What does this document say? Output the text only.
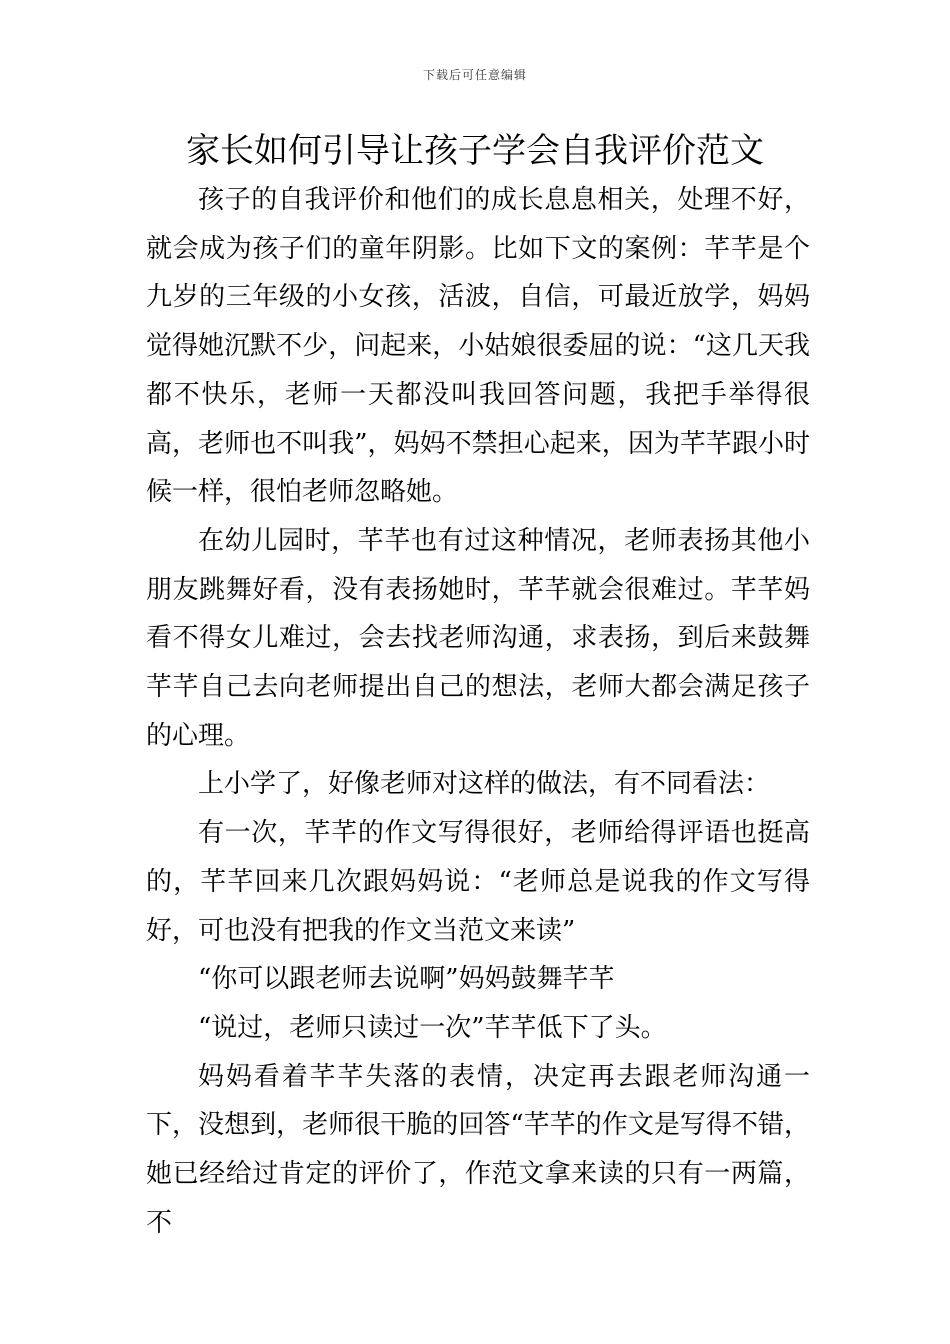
下载后可任意编辑
家长如何引导让孩子学会自我评价范文

孩子的自我评价和他们的成长息息相关，处理不好，就会成为孩子们的童年阴影。比如下文的案例：芊芊是个九岁的三年级的小女孩，活波，自信，可最近放学，妈妈觉得她沉默不少，问起来，小姑娘很委屈的说：“这几天我都不快乐，老师一天都没叫我回答问题，我把手举得很高，老师也不叫我”，妈妈不禁担心起来，因为芊芊跟小时候一样，很怕老师忽略她。

在幼儿园时，芊芊也有过这种情况，老师表扬其他小朋友跳舞好看，没有表扬她时，芊芊就会很难过。芊芊妈看不得女儿难过，会去找老师沟通，求表扬，到后来鼓舞芊芊自己去向老师提出自己的想法，老师大都会满足孩子的心理。

上小学了，好像老师对这样的做法，有不同看法：

有一次，芊芊的作文写得很好，老师给得评语也挺高的，芊芊回来几次跟妈妈说：“老师总是说我的作文写得好，可也没有把我的作文当范文来读”

“你可以跟老师去说啊”妈妈鼓舞芊芊

“说过，老师只读过一次”芊芊低下了头。

妈妈看着芊芊失落的表情，决定再去跟老师沟通一下，没想到，老师很干脆的回答“芊芊的作文是写得不错，她已经给过肯定的评价了，作范文拿来读的只有一两篇，不
